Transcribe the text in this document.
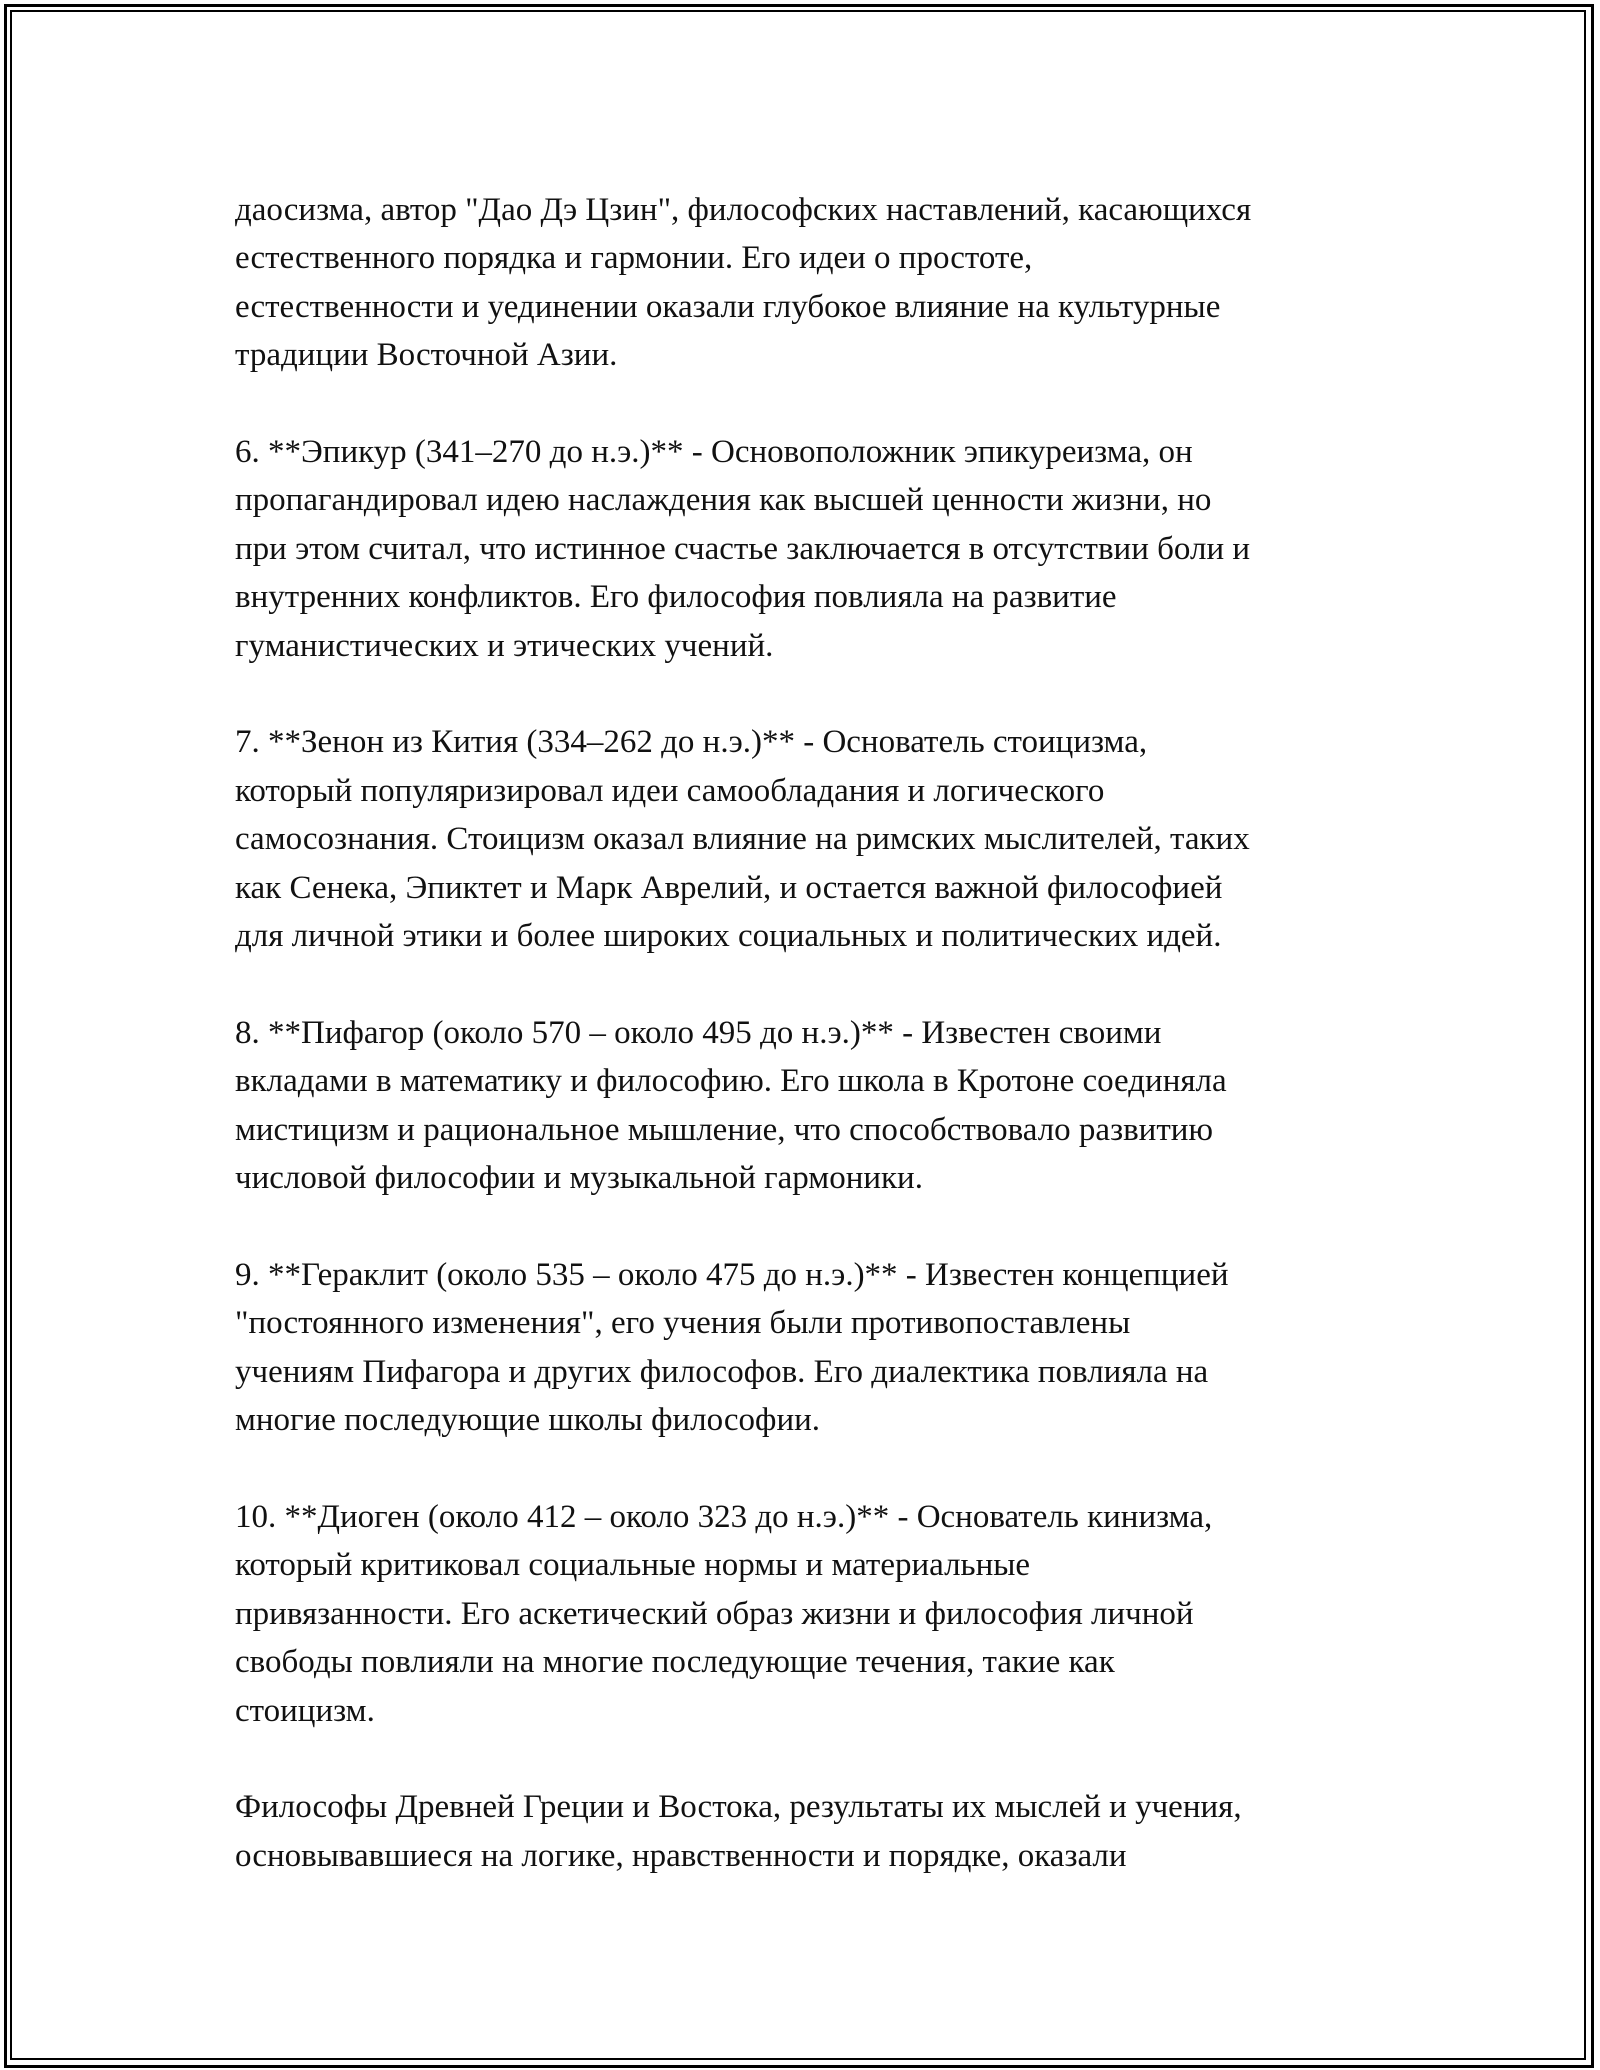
даосизма, автор "Дао Дэ Цзин", философских наставлений, касающихся
естественного порядка и гармонии. Его идеи о простоте,
естественности и уединении оказали глубокое влияние на культурные
традиции Восточной Азии.
6. **Эпикур (341–270 до н.э.)** - Основоположник эпикуреизма, он
пропагандировал идею наслаждения как высшей ценности жизни, но
при этом считал, что истинное счастье заключается в отсутствии боли и
внутренних конфликтов. Его философия повлияла на развитие
гуманистических и этических учений.
7. **Зенон из Кития (334–262 до н.э.)** - Основатель стоицизма,
который популяризировал идеи самообладания и логического
самосознания. Стоицизм оказал влияние на римских мыслителей, таких
как Сенека, Эпиктет и Марк Аврелий, и остается важной философией
для личной этики и более широких социальных и политических идей.
8. **Пифагор (около 570 – около 495 до н.э.)** - Известен своими
вкладами в математику и философию. Его школа в Кротоне соединяла
мистицизм и рациональное мышление, что способствовало развитию
числовой философии и музыкальной гармоники.
9. **Гераклит (около 535 – около 475 до н.э.)** - Известен концепцией
"постоянного изменения", его учения были противопоставлены
учениям Пифагора и других философов. Его диалектика повлияла на
многие последующие школы философии.
10. **Диоген (около 412 – около 323 до н.э.)** - Основатель кинизма,
который критиковал социальные нормы и материальные
привязанности. Его аскетический образ жизни и философия личной
свободы повлияли на многие последующие течения, такие как
стоицизм.
Философы Древней Греции и Востока, результаты их мыслей и учения,
основывавшиеся на логике, нравственности и порядке, оказали
